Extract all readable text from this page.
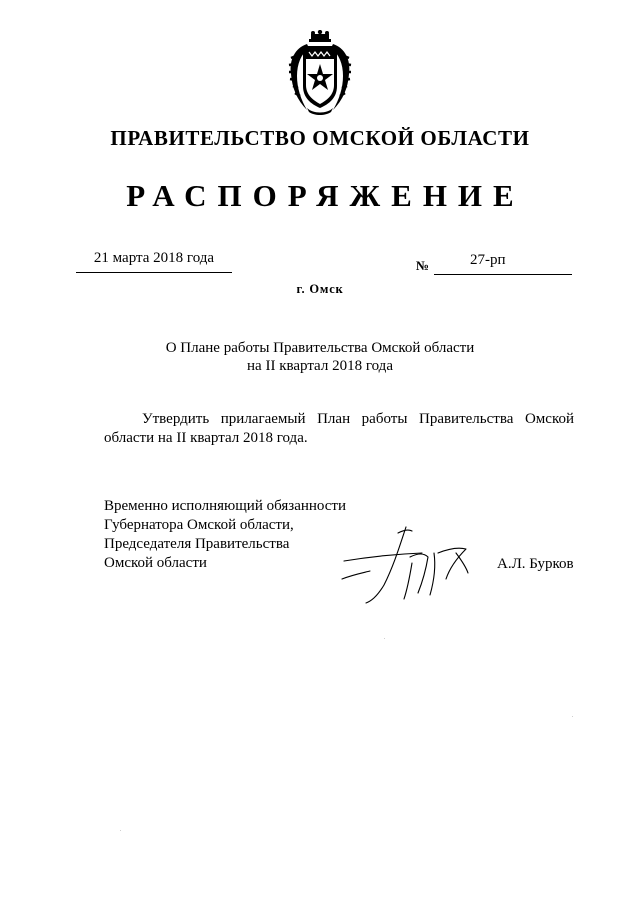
ПРАВИТЕЛЬСТВО ОМСКОЙ ОБЛАСТИ
РАСПОРЯЖЕНИЕ
21 марта 2018 года	№	27-рп
г. Омск
О Плане работы Правительства Омской области
на II квартал 2018 года
Утвердить прилагаемый План работы Правительства Омской
области на II квартал 2018 года.
Временно исполняющий обязанности
Губернатора Омской области,
Председателя Правительства
Омской области	А.Л. Бурков
